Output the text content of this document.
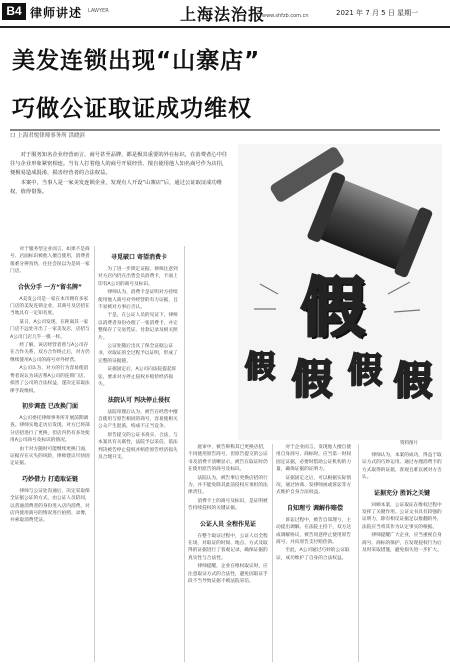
B4 律师讲述 LAWYER	上海法治报
www.shfzb.com.cn	2021 年 7 月 5 日 星期一
美发连锁出现“山寨店”
巧做公证取证成功维权
口 上海君悦律师事务所 洪晓滨

对于服务知名企业经营而言，商号甚至品牌，都是极其重要的外在标识，在消费者心中往往与企业形象紧密相连。当有人打着他人的商号开展经营、擅自使用他人知名商号作为店招，便极易造成混淆，损害经营者的合法权益。

本案中，当事人是一家美发连锁企业，发现有人开设“山寨店”后，通过公证取证成功维权，值得借鉴。

假
假 假 假 假
资料图片

对于服务型企业而言，如果不是商号、店面标识被他人擅自使用，消费者很难分辨真伪，往往会误以为是同一家门店。

合伙分手 一方“留名牌”

A美发公司是一家在本市拥有多家门店的美发连锁企业，其商号及店招在当地具有一定知名度。

某日，A公司发现，在距离其一家门店不远处开出了一家美发店，店招与A公司门店几乎一模一样。

经了解，该店经营者曾与A公司存在合作关系，双方合作终止后，对方仍继续使用A公司的商号对外经营。

A公司认为，对方的行为容易使消费者误认为该店系A公司的连锁门店，损害了公司的合法权益，遂决定采取法律手段维权。

初步调查 已改换门面

A公司委托律师事务所开展前期调查。律师实地走访后发现，对方已将部分店招进行了更换，但店内仍有多处使用A公司商号及标识的情况。

由于对方随时可能继续更换门面，证据存在灭失的风险，律师建议尽快固定证据。

巧妙借力 打造取证链

律师与公证处沟通后，决定采取保全证据公证的方式，由公证人员陪同，以普通消费者的身份进入店内消费，对店内使用商号的情况进行拍照、录像，并索取消费凭证。

寻觅破口 寄望消费卡

为了进一步锁定证据，律师注意到对方店内仍在出售会员消费卡，卡面上印有A公司的商号及标识。

律师认为，消费卡是证明对方持续使用他人商号对外经营的有力证据，且不易被对方事后否认。

于是，在公证人员的见证下，律师以消费者身份办理了一张消费卡，并完整保存了交易凭证、付款记录及相关照片。

公证处随后出具了保全证据公证书，对取证的全过程予以证明，形成了完整的证据链。

证据固定后，A公司向法院提起诉讼，要求对方停止侵权并赔偿经济损失。

法院认可 判决停止侵权

法院审理后认为，被告在经营中擅自使用与原告相同的商号，容易使相关公众产生混淆，构成不正当竞争。

原告提交的公证书真实、合法，与本案具有关联性，法院予以采信，依法判决被告停止侵权并赔偿原告经济损失及合理开支。

庭审中，被告辩称其已更换店招，不再使用原告商号，但原告提交的公证书及消费卡清晰显示，被告在取证时仍在使用原告的商号及标识。

法院认为，被告事后更换店招的行为，并不能免除其此前侵权应承担的法律责任。

消费卡上的商号及标识，是证明被告持续侵权的关键证据。

公证人员 全程作见证

在整个取证过程中，公证人员全程在场，对取证的时间、地点、方式及取得的证据进行了客观记录，确保证据的真实性与合法性。

律师提醒，企业在维权取证时，应注意取证方式的合法性，避免因取证手段不当导致证据不被法院采信。

对于企业而言，发现他人擅自使用自身商号、商标时，应当第一时间固定证据，必要时借助公证机构的力量，确保证据的证明力。

证据固定之后，可以根据实际情况，通过协商、发律师函或诉讼等方式维护自身合法权益。

自知理亏 调解作赔偿

诉讼过程中，被告自知理亏，主动提出调解。在法院主持下，双方达成调解协议，被告同意停止使用原告商号，并向原告支付赔偿款。

至此，A公司通过巧妙的公证取证，成功维护了自身的合法权益。

律师认为，本案的成功，得益于取证方式的巧妙运用。通过办理消费卡的方式取得的证据，客观且难以被对方否认。

证据充分 胜诉之关键

回顾本案，公证取证在维权过程中发挥了关键作用。公证文书具有较强的证明力，除有相反证据足以推翻的外，法院应当将其作为认定事实的根据。

律师提醒广大企业，应当重视自身商号、商标的保护，在发现侵权行为后及时采取措施，避免损失进一步扩大。
